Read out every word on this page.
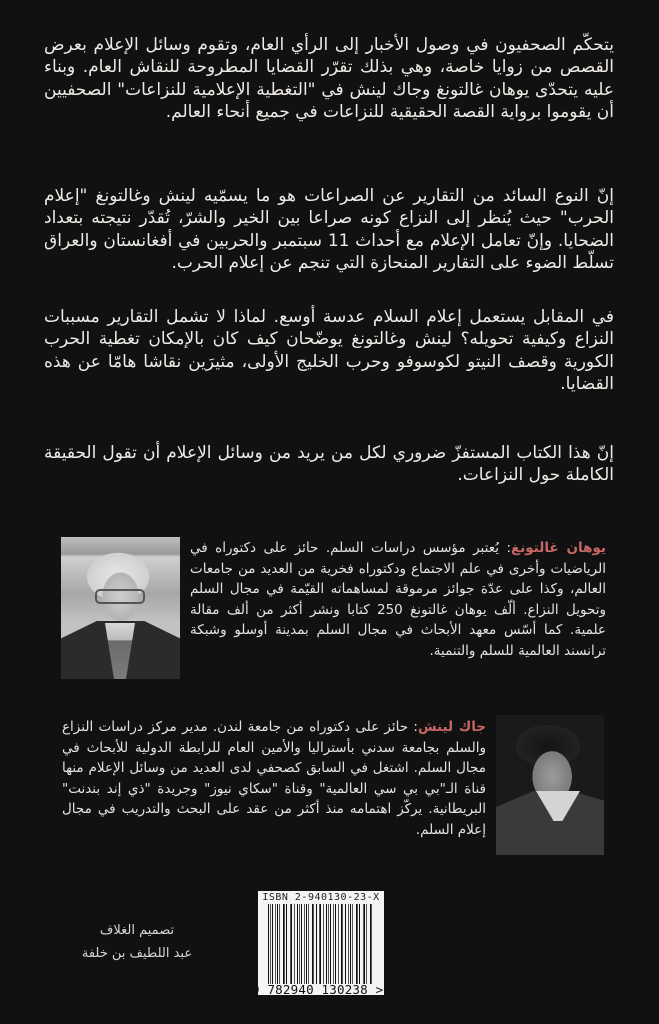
يتحكّم الصحفيون في وصول الأخبار إلى الرأي العام، وتقوم وسائل الإعلام بعرض القصص من زوايا خاصة، وهي بذلك تقرّر القضايا المطروحة للنقاش العام. وبناء عليه يتحدّى يوهان غالتونغ وجاك لينش في "التغطية الإعلامية للنزاعات" الصحفيين أن يقوموا برواية القصة الحقيقية للنزاعات في جميع أنحاء العالم.
إنّ النوع السائد من التقارير عن الصراعات هو ما يسمّيه لينش وغالتونغ "إعلام الحرب" حيث يُنظر إلى النزاع كونه صراعا بين الخير والشرّ، تُقدّر نتيجته بتعداد الضحايا. وإنّ تعامل الإعلام مع أحداث 11 سبتمبر والحربين في أفغانستان والعراق تسلّط الضوء على التقارير المنحازة التي تنجم عن إعلام الحرب.
في المقابل يستعمل إعلام السلام عدسة أوسع. لماذا لا تشمل التقارير مسببات النزاع وكيفية تحويله؟ لينش وغالتونغ يوضّحان كيف كان بالإمكان تغطية الحرب الكورية وقصف النيتو لكوسوفو وحرب الخليج الأولى، مثيرَين نقاشا هامّا عن هذه القضايا.
إنّ هذا الكتاب المستفزّ ضروري لكل من يريد من وسائل الإعلام أن تقول الحقيقة الكاملة حول النزاعات.
يوهان غالتونغ: يُعتبر مؤسس دراسات السلم. حائز على دكتوراه في الرياضيات وأخرى في علم الاجتماع ودكتوراه فخرية من العديد من جامعات العالم، وكذا على عدّة جوائز مرموقة لمساهماته القيّمة في مجال السلم وتحويل النزاع. ألّف يوهان غالتونغ 250 كتابا ونشر أكثر من ألف مقالة علمية. كما أسّس معهد الأبحاث في مجال السلم بمدينة أوسلو وشبكة ترانسند العالمية للسلم والتنمية.
جاك لينش: حائز على دكتوراه من جامعة لندن. مدير مركز دراسات النزاع والسلم بجامعة سدني بأستراليا والأمين العام للرابطة الدولية للأبحاث في مجال السلم. اشتغل في السابق كصحفي لدى العديد من وسائل الإعلام منها قناة الـ"بي بي سي العالمية" وقناة "سكاي نيوز" وجريدة "ذي إند بندنت" البريطانية. يركّز اهتمامه منذ أكثر من عقد على البحث والتدريب في مجال إعلام السلم.
ISBN 2-940130-23-X
9 782940 130238 >
تصميم الغلاف
عبد اللطيف بن خلفة
